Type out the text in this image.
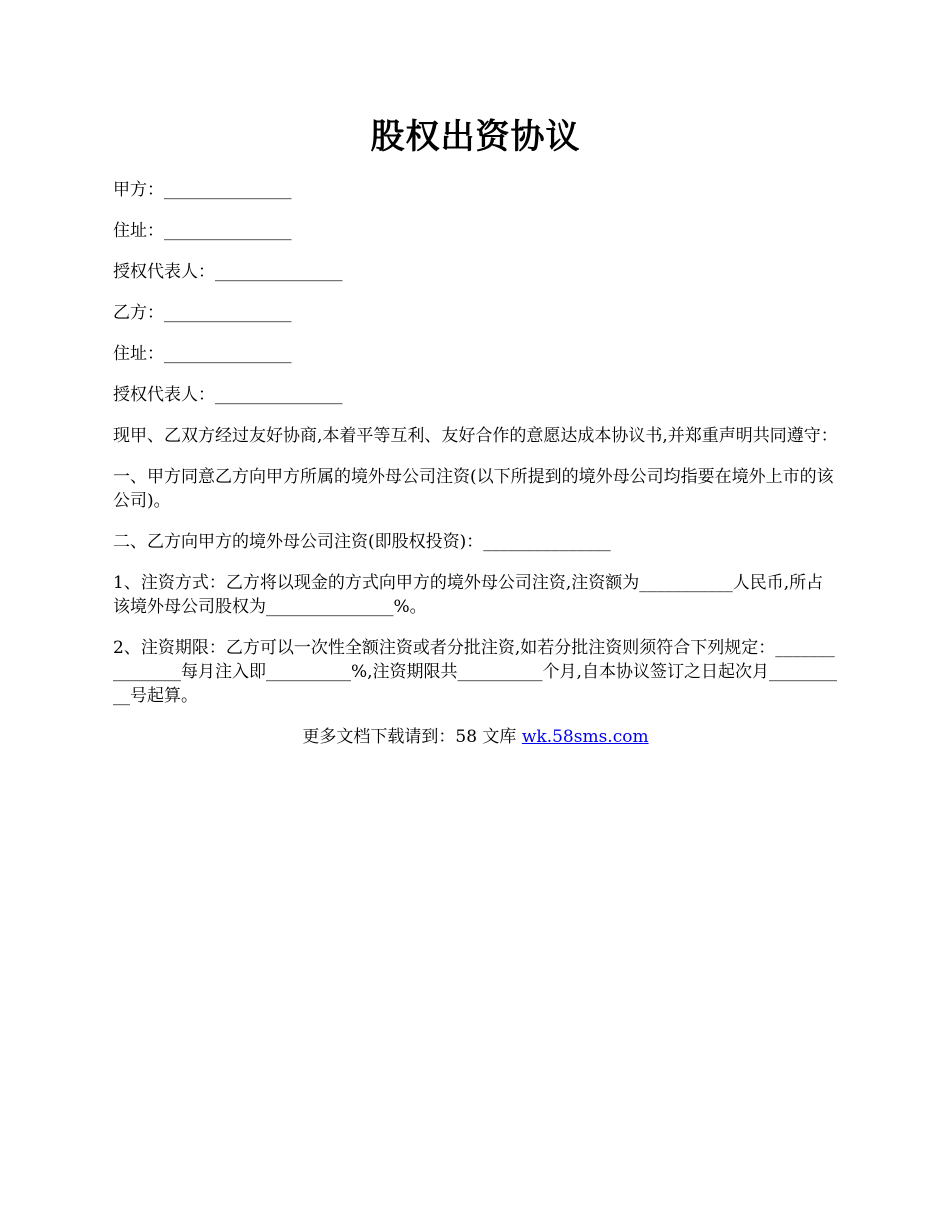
股权出资协议

甲方：_______________

住址：_______________

授权代表人：_______________

乙方：_______________

住址：_______________

授权代表人：_______________

现甲、乙双方经过友好协商,本着平等互利、友好合作的意愿达成本协议书,并郑重声明共同遵守：

一、甲方同意乙方向甲方所属的境外母公司注资(以下所提到的境外母公司均指要在境外上市的该公司)。

二、乙方向甲方的境外母公司注资(即股权投资)：_______________

1、注资方式：乙方将以现金的方式向甲方的境外母公司注资,注资额为___________人民币,所占该境外母公司股权为_______________%。

2、注资期限：乙方可以一次性全额注资或者分批注资,如若分批注资则须符合下列规定：_______________每月注入即__________%,注资期限共__________个月,自本协议签订之日起次月__________号起算。

更多文档下载请到：58 文库 wk.58sms.com
